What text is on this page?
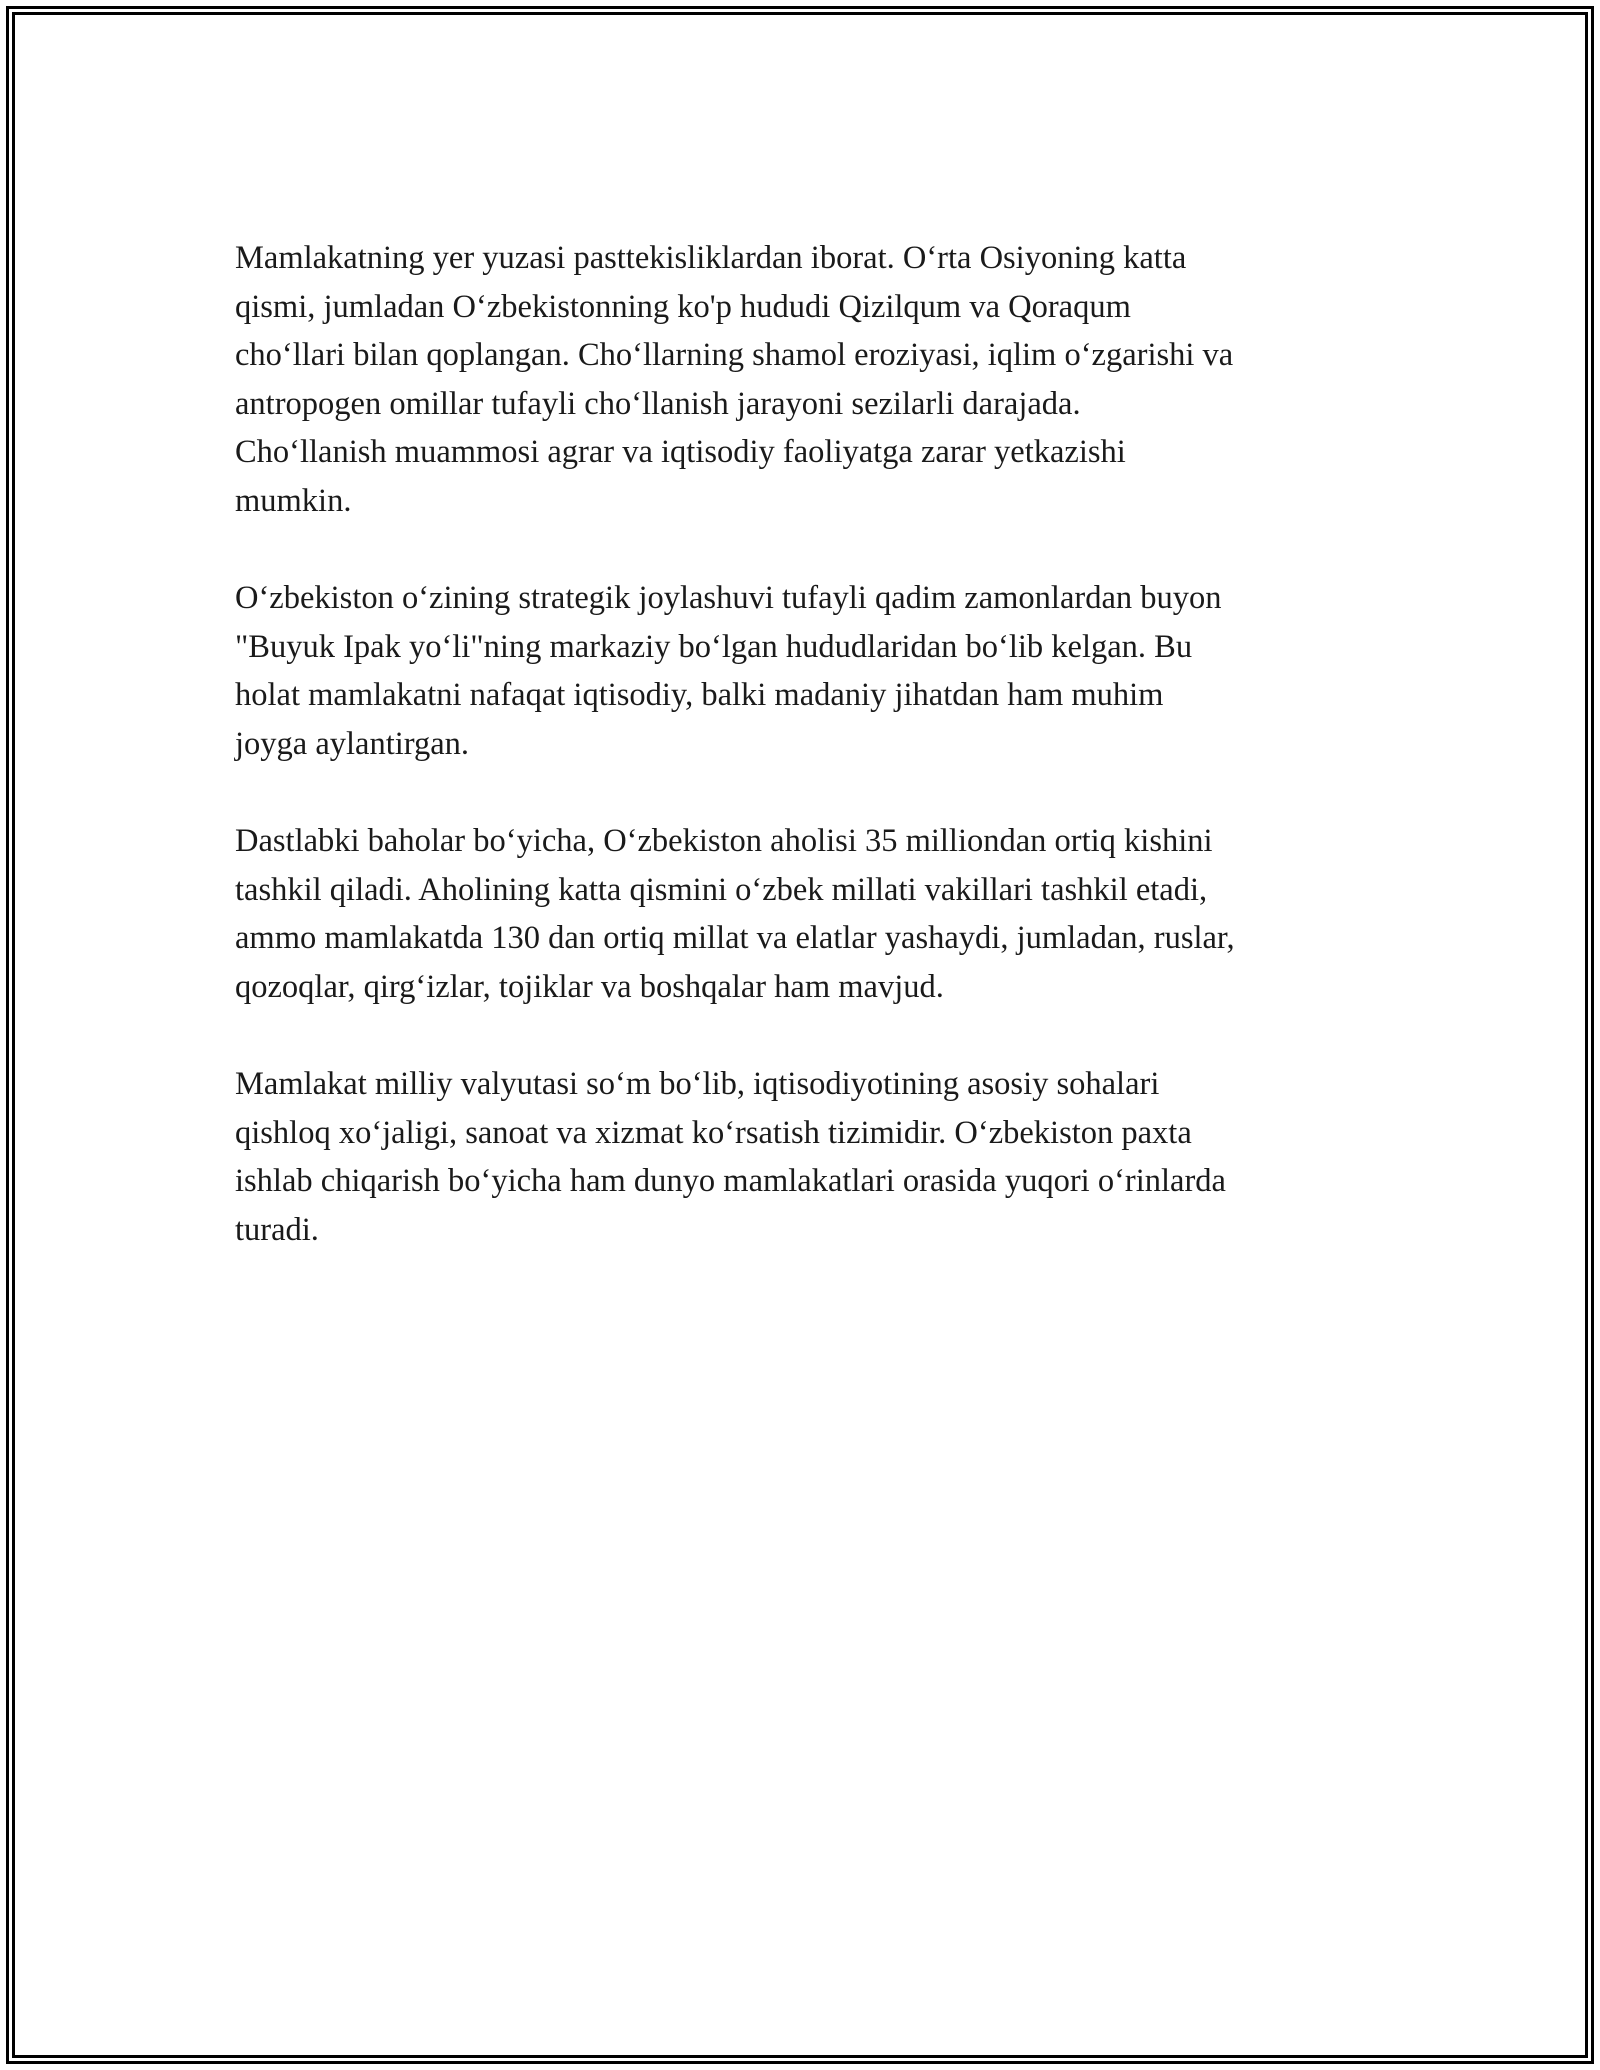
Mamlakatning yer yuzasi pasttekisliklardan iborat. O‘rta Osiyoning katta
qismi, jumladan O‘zbekistonning ko'p hududi Qizilqum va Qoraqum
cho‘llari bilan qoplangan. Cho‘llarning shamol eroziyasi, iqlim o‘zgarishi va
antropogen omillar tufayli cho‘llanish jarayoni sezilarli darajada.
Cho‘llanish muammosi agrar va iqtisodiy faoliyatga zarar yetkazishi
mumkin.

O‘zbekiston o‘zining strategik joylashuvi tufayli qadim zamonlardan buyon
"Buyuk Ipak yo‘li"ning markaziy bo‘lgan hududlaridan bo‘lib kelgan. Bu
holat mamlakatni nafaqat iqtisodiy, balki madaniy jihatdan ham muhim
joyga aylantirgan.

Dastlabki baholar bo‘yicha, O‘zbekiston aholisi 35 milliondan ortiq kishini
tashkil qiladi. Aholining katta qismini o‘zbek millati vakillari tashkil etadi,
ammo mamlakatda 130 dan ortiq millat va elatlar yashaydi, jumladan, ruslar,
qozoqlar, qirg‘izlar, tojiklar va boshqalar ham mavjud.

Mamlakat milliy valyutasi so‘m bo‘lib, iqtisodiyotining asosiy sohalari
qishloq xo‘jaligi, sanoat va xizmat ko‘rsatish tizimidir. O‘zbekiston paxta
ishlab chiqarish bo‘yicha ham dunyo mamlakatlari orasida yuqori o‘rinlarda
turadi.
